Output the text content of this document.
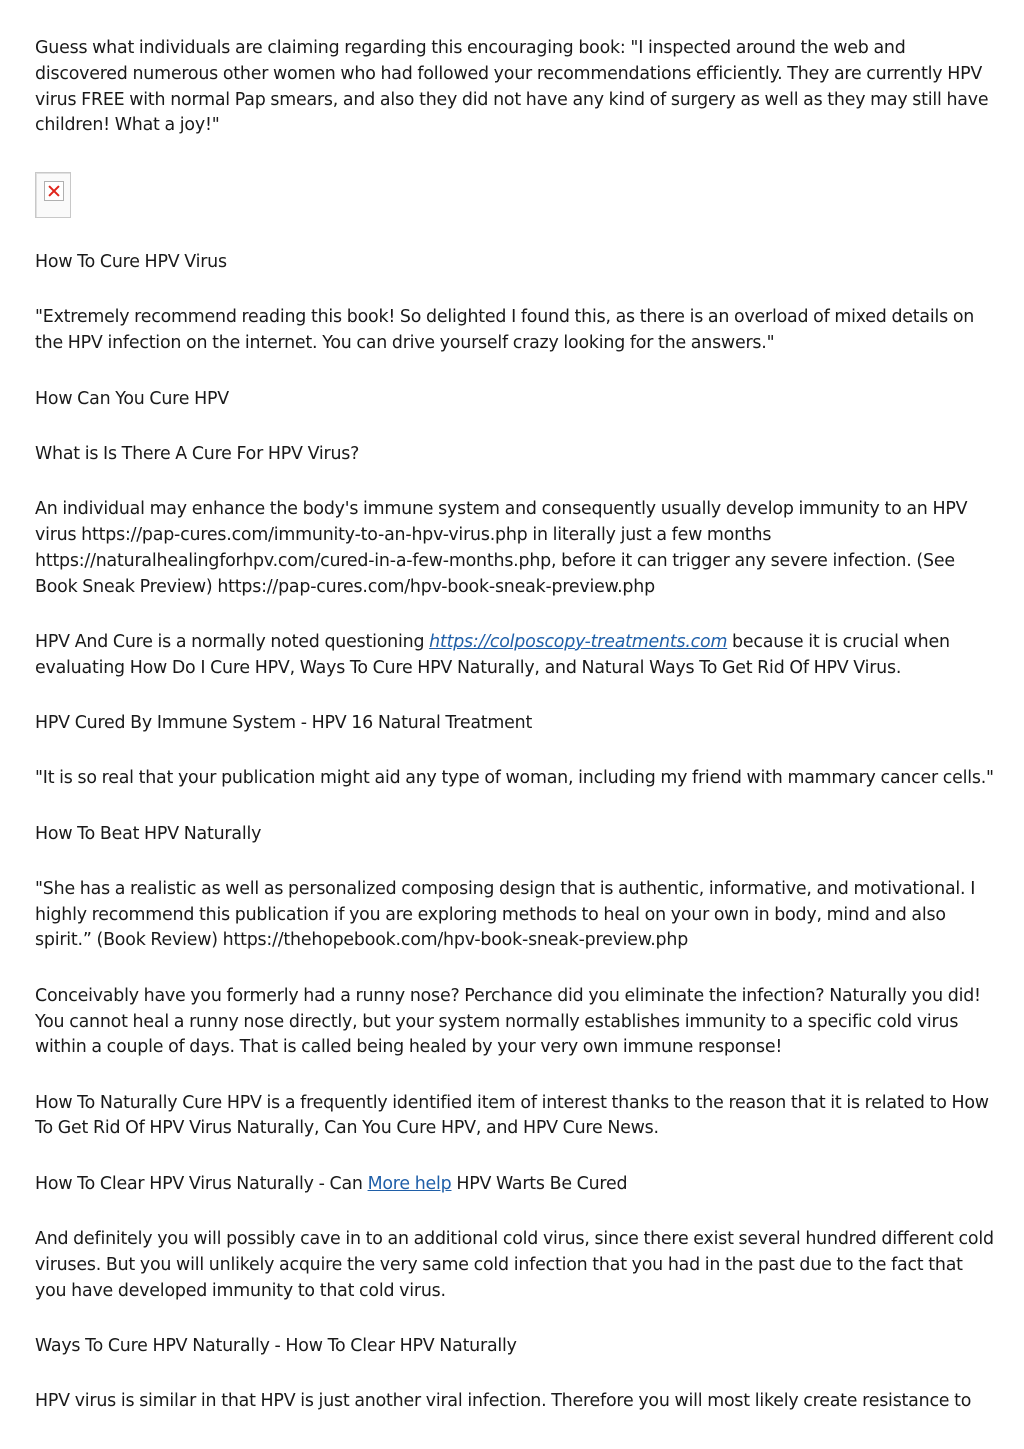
Guess what individuals are claiming regarding this encouraging book: "I inspected around the web and discovered numerous other women who had followed your recommendations efficiently. They are currently HPV virus FREE with normal Pap smears, and also they did not have any kind of surgery as well as they may still have children! What a joy!"

How To Cure HPV Virus

"Extremely recommend reading this book! So delighted I found this, as there is an overload of mixed details on the HPV infection on the internet. You can drive yourself crazy looking for the answers."

How Can You Cure HPV

What is Is There A Cure For HPV Virus?

An individual may enhance the body's immune system and consequently usually develop immunity to an HPV virus https://pap-cures.com/immunity-to-an-hpv-virus.php in literally just a few months https://naturalhealingforhpv.com/cured-in-a-few-months.php, before it can trigger any severe infection. (See Book Sneak Preview) https://pap-cures.com/hpv-book-sneak-preview.php

HPV And Cure is a normally noted questioning https://colposcopy-treatments.com because it is crucial when evaluating How Do I Cure HPV, Ways To Cure HPV Naturally, and Natural Ways To Get Rid Of HPV Virus.

HPV Cured By Immune System - HPV 16 Natural Treatment

"It is so real that your publication might aid any type of woman, including my friend with mammary cancer cells."

How To Beat HPV Naturally

"She has a realistic as well as personalized composing design that is authentic, informative, and motivational. I highly recommend this publication if you are exploring methods to heal on your own in body, mind and also spirit.” (Book Review) https://thehopebook.com/hpv-book-sneak-preview.php

Conceivably have you formerly had a runny nose? Perchance did you eliminate the infection? Naturally you did! You cannot heal a runny nose directly, but your system normally establishes immunity to a specific cold virus within a couple of days. That is called being healed by your very own immune response!

How To Naturally Cure HPV is a frequently identified item of interest thanks to the reason that it is related to How To Get Rid Of HPV Virus Naturally, Can You Cure HPV, and HPV Cure News.

How To Clear HPV Virus Naturally - Can More help HPV Warts Be Cured

And definitely you will possibly cave in to an additional cold virus, since there exist several hundred different cold viruses. But you will unlikely acquire the very same cold infection that you had in the past due to the fact that you have developed immunity to that cold virus.

Ways To Cure HPV Naturally - How To Clear HPV Naturally

HPV virus is similar in that HPV is just another viral infection. Therefore you will most likely create resistance to
